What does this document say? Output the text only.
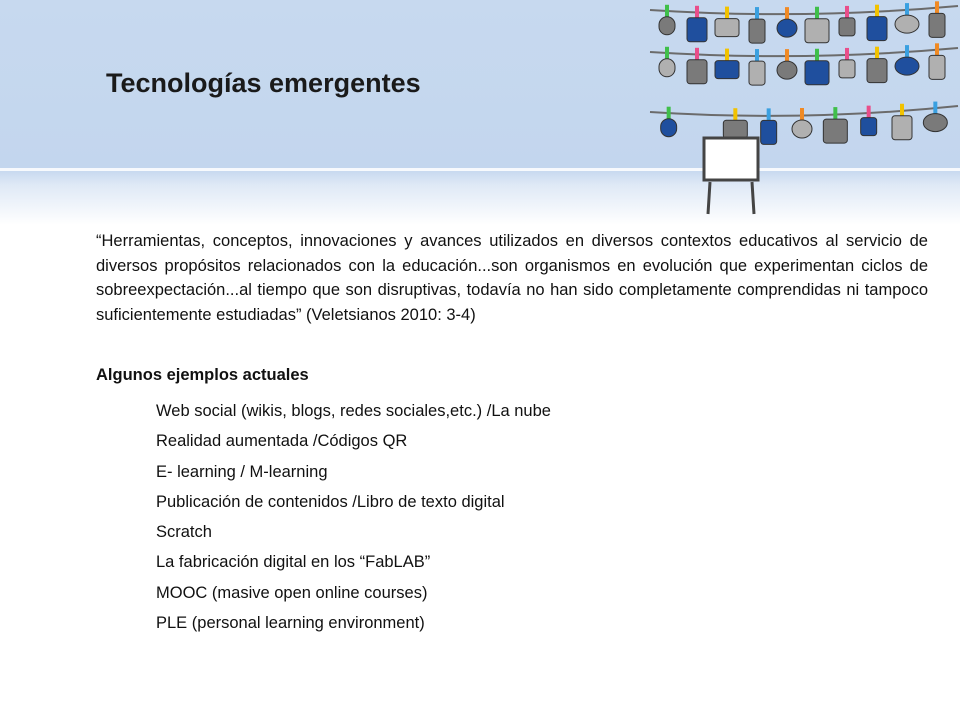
Tecnologías emergentes
“Herramientas, conceptos, innovaciones y avances utilizados en diversos contextos educativos al servicio de diversos propósitos relacionados con la educación...son organismos en evolución que experimentan ciclos de sobreexpectación...al tiempo que son disruptivas, todavía no han sido completamente comprendidas ni tampoco suficientemente estudiadas” (Veletsianos 2010: 3-4)
Algunos ejemplos actuales
Web social (wikis, blogs, redes sociales,etc.) /La nube
Realidad aumentada /Códigos QR
E- learning / M-learning
Publicación de contenidos /Libro de texto digital
Scratch
La fabricación digital en los “FabLAB”
MOOC (masive open online courses)
PLE (personal learning environment)
